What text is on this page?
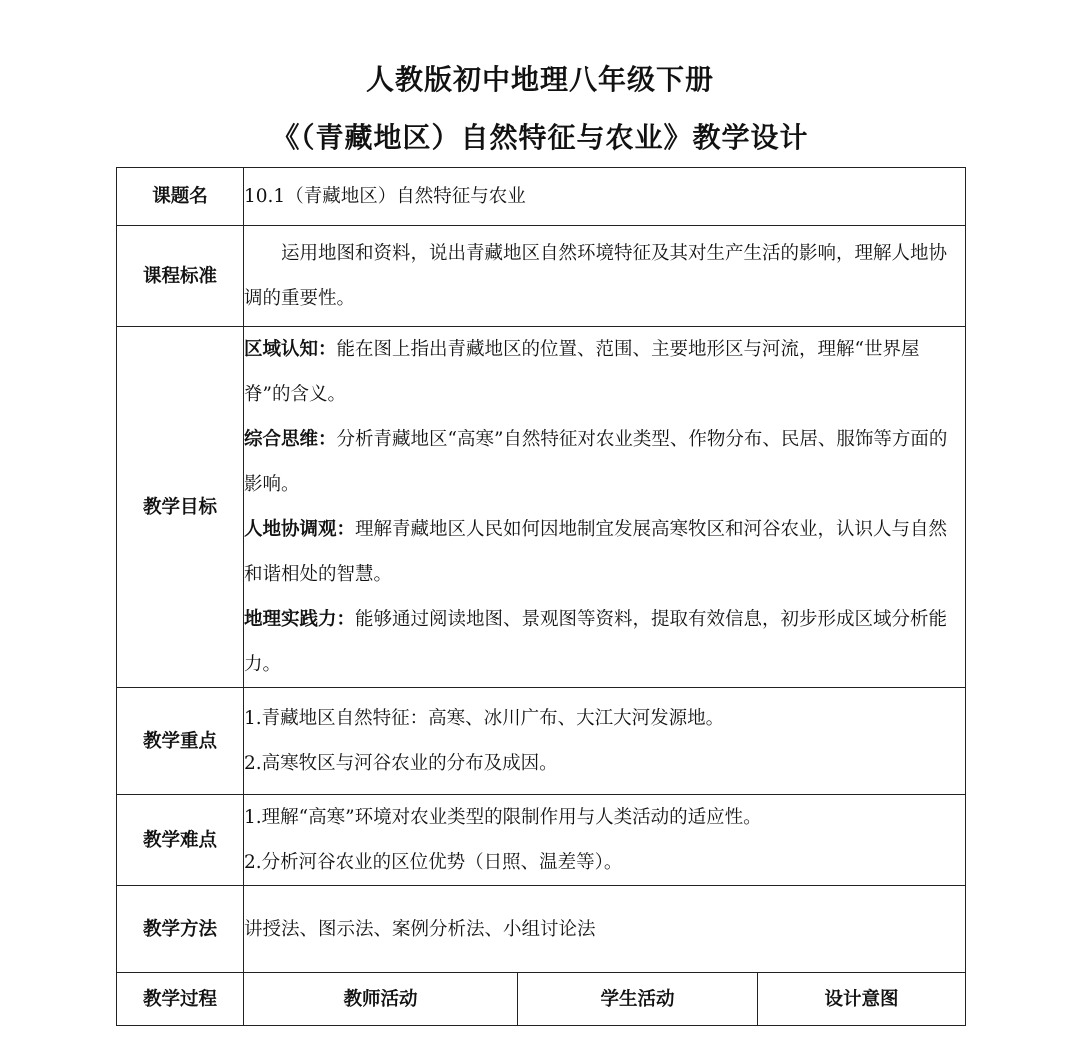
人教版初中地理八年级下册
《（青藏地区）自然特征与农业》教学设计
课题名	10.1（青藏地区）自然特征与农业		
课程标准	运用地图和资料，说出青藏地区自然环境特征及其对生产生活的影响，理解人地协调的重要性。		

教学目标	区域认知：能在图上指出青藏地区的位置、范围、主要地形区与河流，理解“世界屋脊”的含义。

综合思维：分析青藏地区“高寒”自然特征对农业类型、作物分布、民居、服饰等方面的影响。

人地协调观：理解青藏地区人民如何因地制宜发展高寒牧区和河谷农业，认识人与自然和谐相处的智慧。

地理实践力：能够通过阅读地图、景观图等资料，提取有效信息，初步形成区域分析能力。		

教学重点	1.青藏地区自然特征：高寒、冰川广布、大江大河发源地。

2.高寒牧区与河谷农业的分布及成因。		

教学难点	1.理解“高寒”环境对农业类型的限制作用与人类活动的适应性。

2.分析河谷农业的区位优势（日照、温差等）。		

教学方法	讲授法、图示法、案例分析法、小组讨论法		
教学过程	教师活动	学生活动	设计意图
